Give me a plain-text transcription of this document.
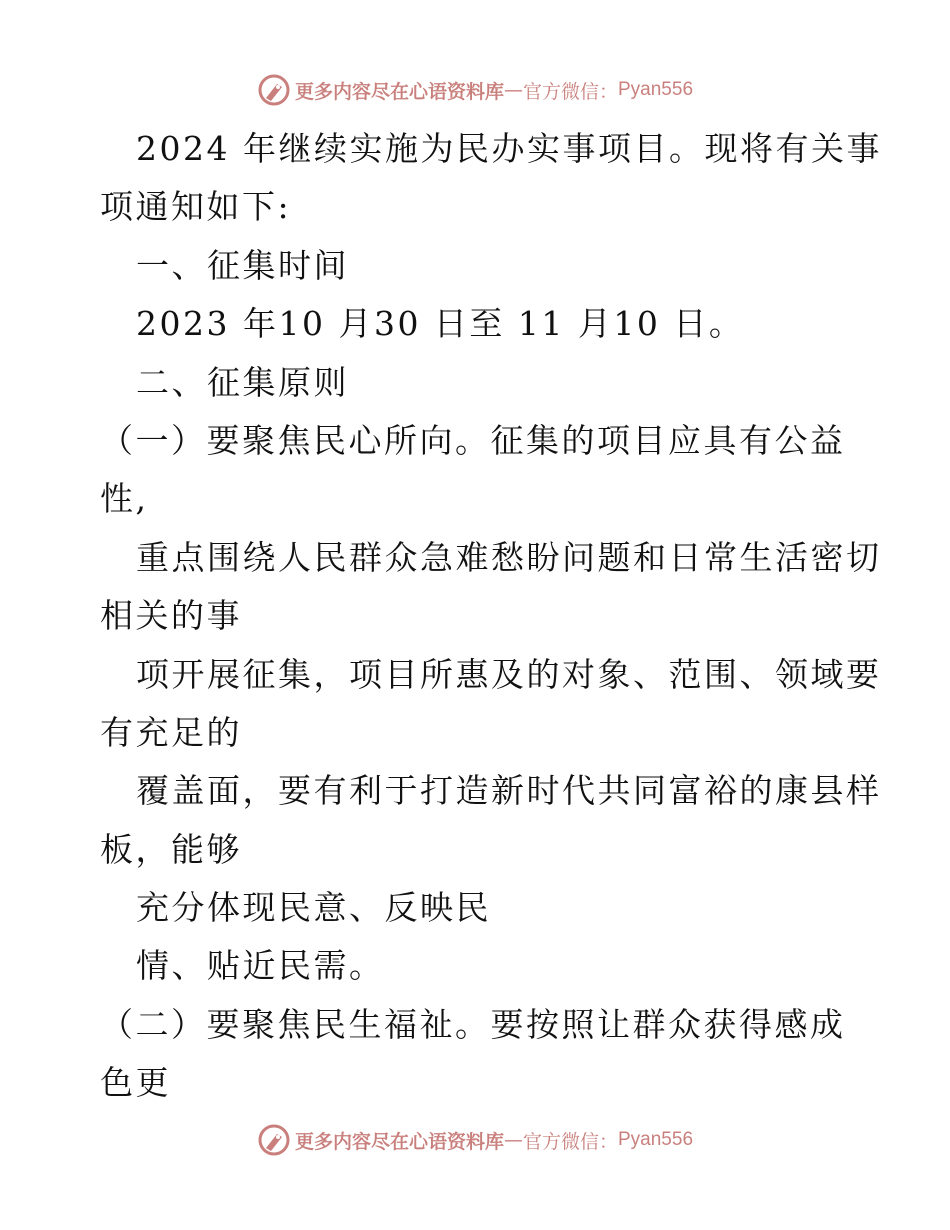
更多内容尽在心语资料库 — 官方微信： Pyan556
2024 年继续实施为民办实事项目。现将有关事
项通知如下:
一、征集时间
2023 年10 月30 日至 11 月10 日。
二、征集原则
（一）要聚焦民心所向。征集的项目应具有公益
性,
重点围绕人民群众急难愁盼问题和日常生活密切
相关的事
项开展征集，项目所惠及的对象、范围、领域要
有充足的
覆盖面，要有利于打造新时代共同富裕的康县样
板，能够
充分体现民意、反映民
情、贴近民需。
（二）要聚焦民生福祉。要按照让群众获得感成
色更
更多内容尽在心语资料库 — 官方微信： Pyan556
